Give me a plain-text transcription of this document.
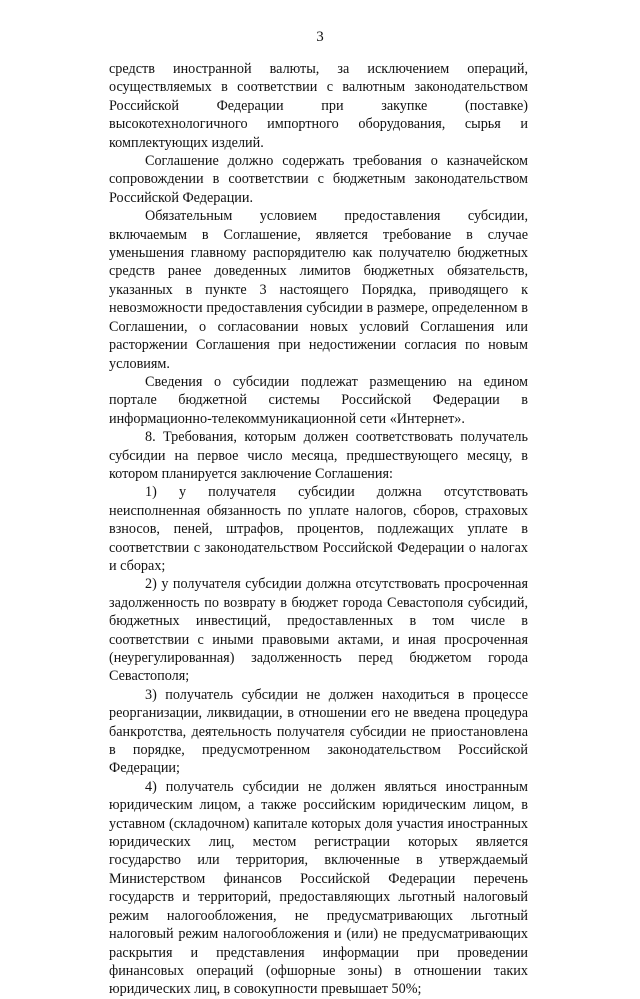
3

средств иностранной валюты, за исключением операций, осуществляемых в соответствии с валютным законодательством Российской Федерации при закупке (поставке) высокотехнологичного импортного оборудования, сырья и комплектующих изделий.

Соглашение должно содержать требования о казначейском сопровождении в соответствии с бюджетным законодательством Российской Федерации.

Обязательным условием предоставления субсидии, включаемым в Соглашение, является требование в случае уменьшения главному распорядителю как получателю бюджетных средств ранее доведенных лимитов бюджетных обязательств, указанных в пункте 3 настоящего Порядка, приводящего к невозможности предоставления субсидии в размере, определенном в Соглашении, о согласовании новых условий Соглашения или расторжении Соглашения при недостижении согласия по новым условиям.

Сведения о субсидии подлежат размещению на едином портале бюджетной системы Российской Федерации в информационно-телекоммуникационной сети «Интернет».

8. Требования, которым должен соответствовать получатель субсидии на первое число месяца, предшествующего месяцу, в котором планируется заключение Соглашения:

1) у получателя субсидии должна отсутствовать неисполненная обязанность по уплате налогов, сборов, страховых взносов, пеней, штрафов, процентов, подлежащих уплате в соответствии с законодательством Российской Федерации о налогах и сборах;

2) у получателя субсидии должна отсутствовать просроченная задолженность по возврату в бюджет города Севастополя субсидий, бюджетных инвестиций, предоставленных в том числе в соответствии с иными правовыми актами, и иная просроченная (неурегулированная) задолженность перед бюджетом города Севастополя;

3) получатель субсидии не должен находиться в процессе реорганизации, ликвидации, в отношении его не введена процедура банкротства, деятельность получателя субсидии не приостановлена в порядке, предусмотренном законодательством Российской Федерации;

4) получатель субсидии не должен являться иностранным юридическим лицом, а также российским юридическим лицом, в уставном (складочном) капитале которых доля участия иностранных юридических лиц, местом регистрации которых является государство или территория, включенные в утверждаемый Министерством финансов Российской Федерации перечень государств и территорий, предоставляющих льготный налоговый режим налогообложения, не предусматривающих льготный налоговый режим налогообложения и (или) не предусматривающих раскрытия и представления информации при проведении финансовых операций (офшорные зоны) в отношении таких юридических лиц, в совокупности превышает 50%;
